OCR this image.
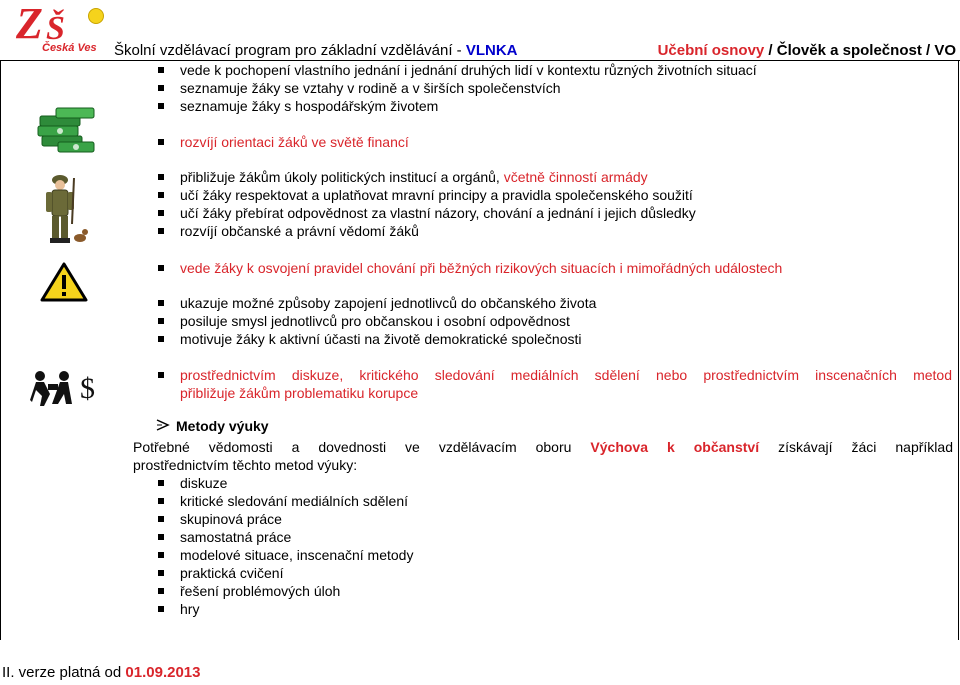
Z Š
Česká Ves Školní vzdělávací program pro základní vzdělávání - VLNKA	Učební osnovy / Člověk a společnost / VO
vede k pochopení vlastního jednání i jednání druhých lidí v kontextu různých životních situací
seznamuje žáky se vztahy v rodině a v širších společenstvích
seznamuje žáky s hospodářským životem
rozvíjí orientaci žáků ve světě financí
přibližuje žákům úkoly politických institucí a orgánů, včetně činností armády
učí žáky respektovat a uplatňovat mravní principy a pravidla společenského soužití
učí žáky přebírat odpovědnost za vlastní názory, chování a jednání i jejich důsledky
rozvíjí občanské a právní vědomí žáků
vede žáky k osvojení pravidel chování při běžných rizikových situacích i mimořádných událostech
ukazuje možné způsoby zapojení jednotlivců do občanského života
posiluje smysl jednotlivců pro občanskou i osobní odpovědnost
motivuje žáky k aktivní účasti na životě demokratické společnosti
$	prostřednictvím diskuze, kritického sledování mediálních sdělení nebo prostřednictvím inscenačních metod
přibližuje žákům problematiku korupce
Metody výuky
Potřebné vědomosti a dovednosti ve vzdělávacím oboru Výchova k občanství získávají žáci například
prostřednictvím těchto metod výuky:
diskuze
kritické sledování mediálních sdělení
skupinová práce
samostatná práce
modelové situace, inscenační metody
praktická cvičení
řešení problémových úloh
hry
II. verze platná od 01.09.2013
